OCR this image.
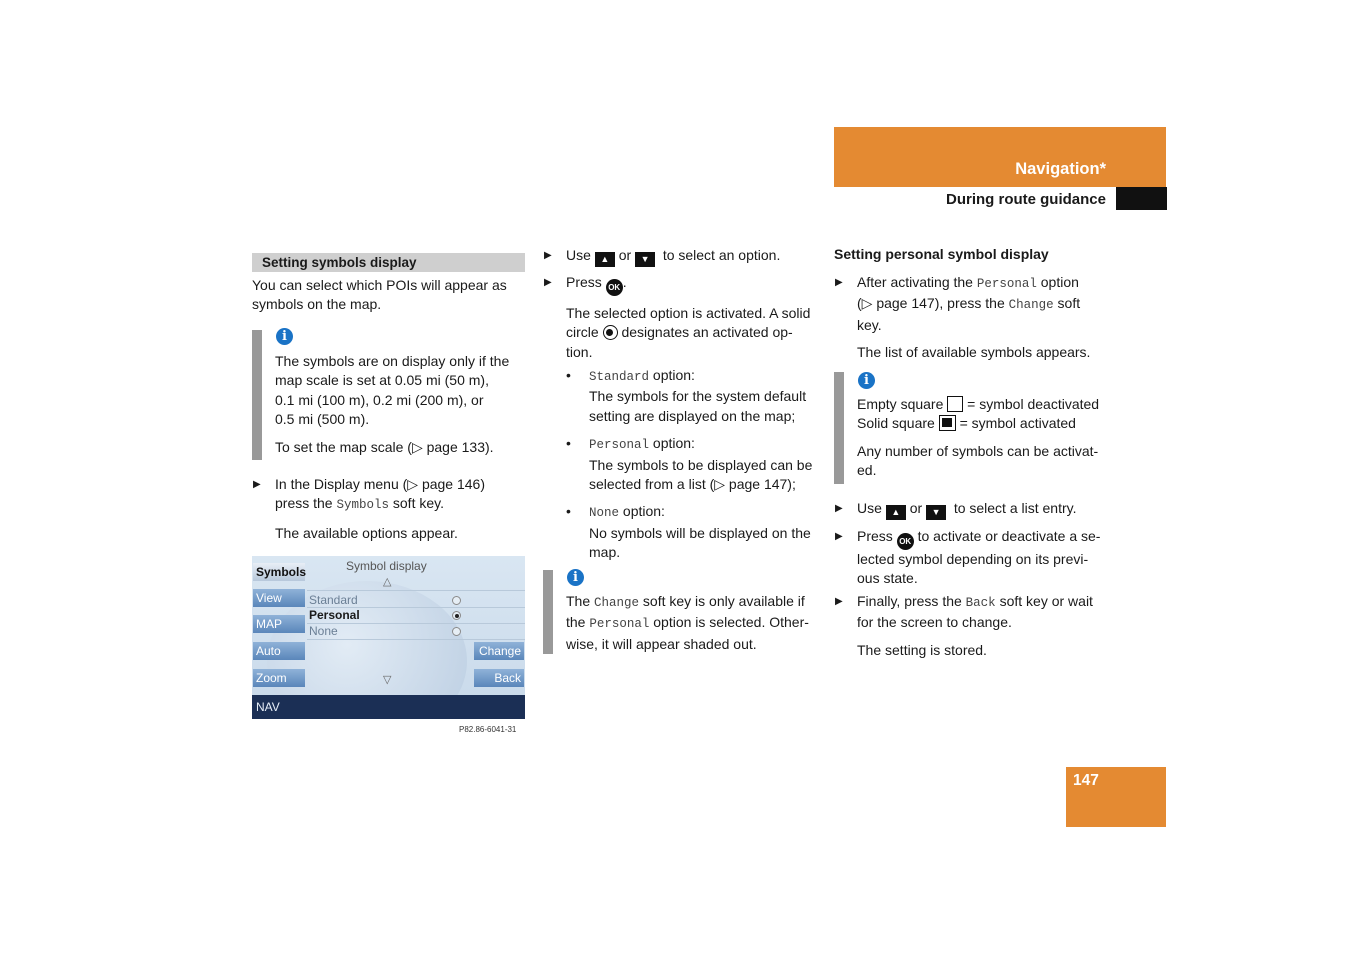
Navigation*
During route guidance
Setting symbols display

You can select which POIs will appear as

symbols on the map.

i

The symbols are on display only if the

map scale is set at 0.05 mi (50 m),

0.1 mi (100 m), 0.2 mi (200 m), or

0.5 mi (500 m).

To set the map scale (▷ page 133).

▶ In the Display menu (▷ page 146)

press the Symbols soft key.

The available options appear.

Symbol display
△
Symbols
View
MAP
Auto
Zoom
Standard
Personal
None
Change
Back
▽
NAV
P82.86-6041-31
▶ Use ▲ or ▼ to select an option.

▶ Press OK .

The selected option is activated. A solid

circle designates an activated op-

tion.

• Standard option:

The symbols for the system default

setting are displayed on the map;

• Personal option:

The symbols to be displayed can be

selected from a list (▷ page 147);

• None option:

No symbols will be displayed on the

map.

i

The Change soft key is only available if

the Personal option is selected. Other-

wise, it will appear shaded out.

Setting personal symbol display
▶ After activating the Personal option

(▷ page 147), press the Change soft

key.

The list of available symbols appears.

i

Empty square = symbol deactivated

Solid square = symbol activated

Any number of symbols can be activat-

ed.

▶ Use ▲ or ▼ to select a list entry.

▶ Press OK to activate or deactivate a se-

lected symbol depending on its previ-

ous state.

▶ Finally, press the Back soft key or wait

for the screen to change.

The setting is stored.

147
